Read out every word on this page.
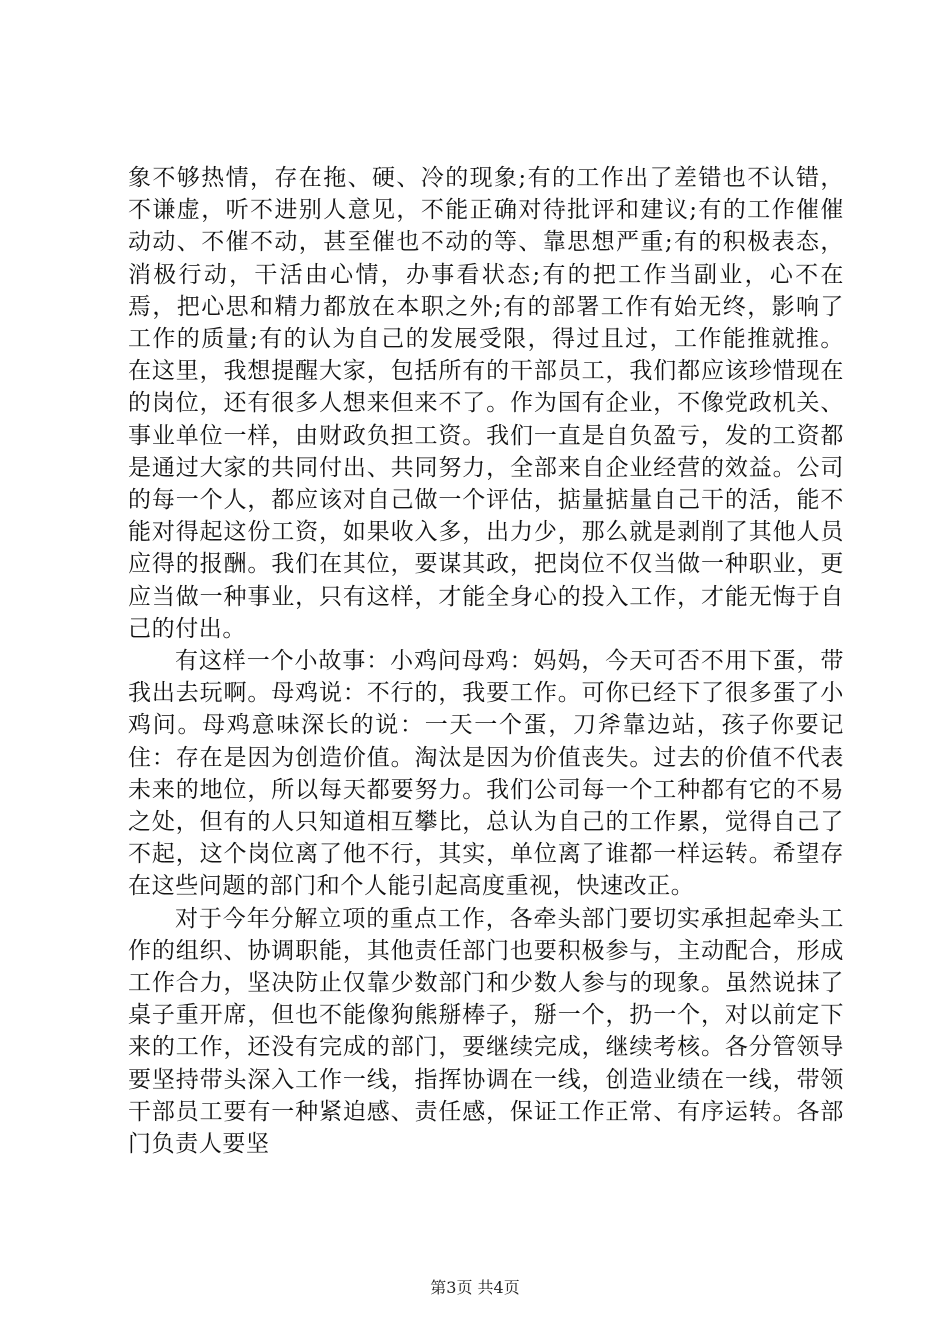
象不够热情，存在拖、硬、冷的现象;有的工作出了差错也不认错，不谦虚，听不进别人意见，不能正确对待批评和建议;有的工作催催动动、不催不动，甚至催也不动的等、靠思想严重;有的积极表态，消极行动，干活由心情，办事看状态;有的把工作当副业，心不在焉，把心思和精力都放在本职之外;有的部署工作有始无终，影响了工作的质量;有的认为自己的发展受限，得过且过，工作能推就推。在这里，我想提醒大家，包括所有的干部员工，我们都应该珍惜现在的岗位，还有很多人想来但来不了。作为国有企业，不像党政机关、事业单位一样，由财政负担工资。我们一直是自负盈亏，发的工资都是通过大家的共同付出、共同努力，全部来自企业经营的效益。公司的每一个人，都应该对自己做一个评估，掂量掂量自己干的活，能不能对得起这份工资，如果收入多，出力少，那么就是剥削了其他人员应得的报酬。我们在其位，要谋其政，把岗位不仅当做一种职业，更应当做一种事业，只有这样，才能全身心的投入工作，才能无悔于自己的付出。

有这样一个小故事：小鸡问母鸡：妈妈，今天可否不用下蛋，带我出去玩啊。母鸡说：不行的，我要工作。可你已经下了很多蛋了小鸡问。母鸡意味深长的说：一天一个蛋，刀斧靠边站，孩子你要记住：存在是因为创造价值。淘汰是因为价值丧失。过去的价值不代表未来的地位，所以每天都要努力。我们公司每一个工种都有它的不易之处，但有的人只知道相互攀比，总认为自己的工作累，觉得自己了不起，这个岗位离了他不行，其实，单位离了谁都一样运转。希望存在这些问题的部门和个人能引起高度重视，快速改正。

对于今年分解立项的重点工作，各牵头部门要切实承担起牵头工作的组织、协调职能，其他责任部门也要积极参与，主动配合，形成工作合力，坚决防止仅靠少数部门和少数人参与的现象。虽然说抹了桌子重开席，但也不能像狗熊掰棒子，掰一个，扔一个，对以前定下来的工作，还没有完成的部门，要继续完成，继续考核。各分管领导要坚持带头深入工作一线，指挥协调在一线，创造业绩在一线，带领干部员工要有一种紧迫感、责任感，保证工作正常、有序运转。各部门负责人要坚

第3页 共4页
